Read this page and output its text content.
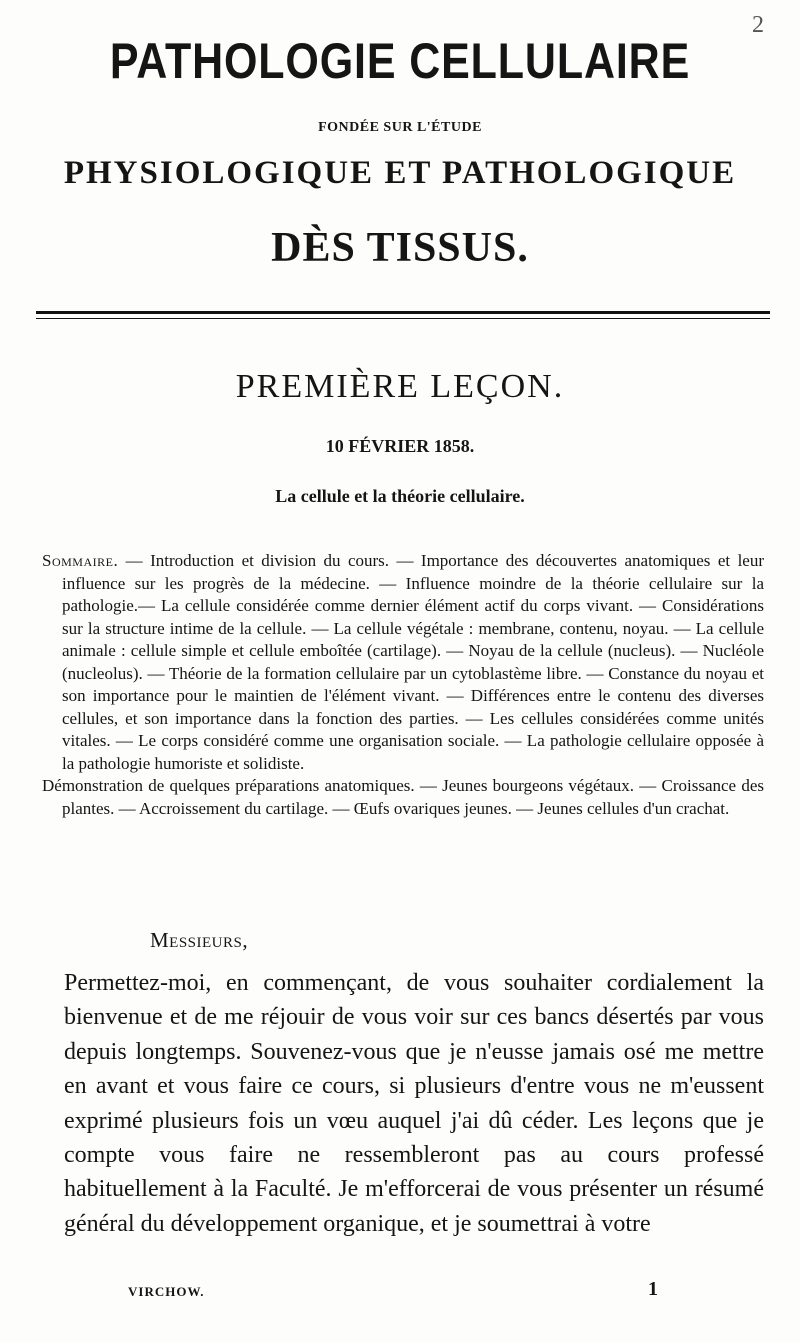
2
PATHOLOGIE CELLULAIRE
FONDÉE SUR L'ÉTUDE
PHYSIOLOGIQUE ET PATHOLOGIQUE
DÈS TISSUS.
PREMIÈRE LEÇON.
10 FÉVRIER 1858.
La cellule et la théorie cellulaire.

Sommaire. — Introduction et division du cours. — Importance des découvertes anatomiques et leur influence sur les progrès de la médecine. — Influence moindre de la théorie cellulaire sur la pathologie.— La cellule considérée comme dernier élément actif du corps vivant. — Considérations sur la structure intime de la cellule. — La cellule végétale : membrane, contenu, noyau. — La cellule animale : cellule simple et cellule emboîtée (cartilage). — Noyau de la cellule (nucleus). — Nucléole (nucleolus). — Théorie de la formation cellulaire par un cytoblastème libre. — Constance du noyau et son importance pour le maintien de l'élément vivant. — Différences entre le contenu des diverses cellules, et son importance dans la fonction des parties. — Les cellules considérées comme unités vitales. — Le corps considéré comme une organisation sociale. — La pathologie cellulaire opposée à la pathologie humoriste et solidiste.

Démonstration de quelques préparations anatomiques. — Jeunes bourgeons végétaux. — Croissance des plantes. — Accroissement du cartilage. — Œufs ovariques jeunes. — Jeunes cellules d'un crachat.

Messieurs,

Permettez-moi, en commençant, de vous souhaiter cordialement la bienvenue et de me réjouir de vous voir sur ces bancs désertés par vous depuis longtemps. Souvenez-vous que je n'eusse jamais osé me mettre en avant et vous faire ce cours, si plusieurs d'entre vous ne m'eussent exprimé plusieurs fois un vœu auquel j'ai dû céder. Les leçons que je compte vous faire ne ressembleront pas au cours professé habituellement à la Faculté. Je m'efforcerai de vous présenter un résumé général du développement organique, et je soumettrai à votre

VIRCHOW.	1
